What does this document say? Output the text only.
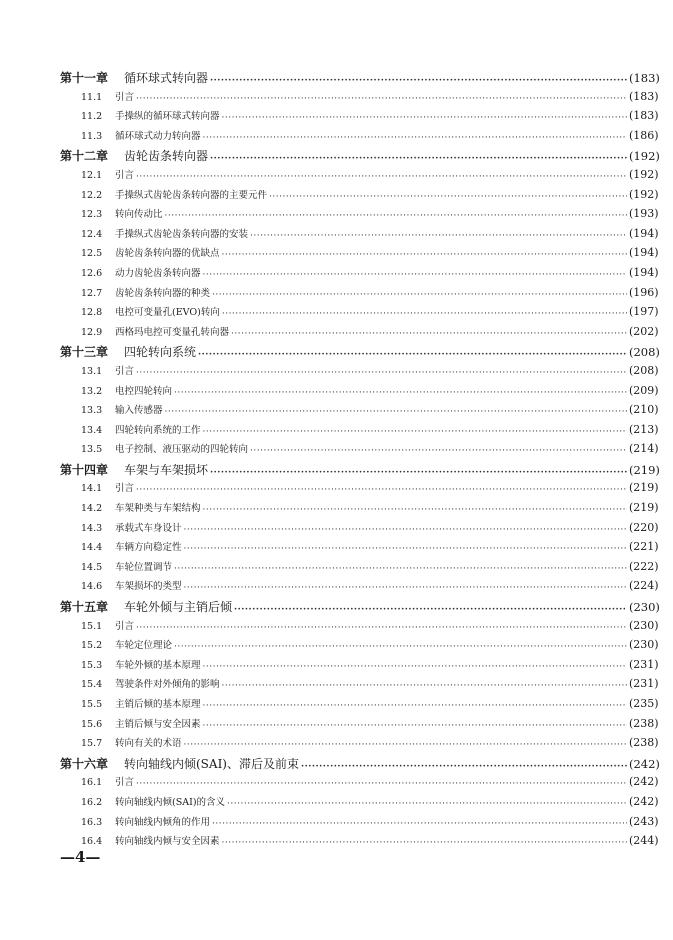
第十一章	循环球式转向器 ·····	(183)
11.1	引言 ·····	(183)
11.2	手操纵的循环球式转向器 ·····	(183)
11.3	循环球式动力转向器 ·····	(186)
第十二章	齿轮齿条转向器 ·····	(192)
12.1	引言 ·····	(192)
12.2	手操纵式齿轮齿条转向器的主要元件 ·····	(192)
12.3	转向传动比 ·····	(193)
12.4	手操纵式齿轮齿条转向器的安装 ·····	(194)
12.5	齿轮齿条转向器的优缺点 ·····	(194)
12.6	动力齿轮齿条转向器 ·····	(194)
12.7	齿轮齿条转向器的种类 ·····	(196)
12.8	电控可变量孔(EVO)转向 ·····	(197)
12.9	西格玛电控可变量孔转向器 ·····	(202)
第十三章	四轮转向系统 ·····	(208)
13.1	引言 ·····	(208)
13.2	电控四轮转向 ·····	(209)
13.3	输入传感器 ·····	(210)
13.4	四轮转向系统的工作 ·····	(213)
13.5	电子控制、液压驱动的四轮转向 ·····	(214)
第十四章	车架与车架损坏 ·····	(219)
14.1	引言 ·····	(219)
14.2	车架种类与车架结构 ·····	(219)
14.3	承载式车身设计 ·····	(220)
14.4	车辆方向稳定性 ·····	(221)
14.5	车轮位置调节 ·····	(222)
14.6	车架损坏的类型 ·····	(224)
第十五章	车轮外倾与主销后倾 ·····	(230)
15.1	引言 ·····	(230)
15.2	车轮定位理论 ·····	(230)
15.3	车轮外倾的基本原理 ·····	(231)
15.4	驾驶条件对外倾角的影响 ·····	(231)
15.5	主销后倾的基本原理 ·····	(235)
15.6	主销后倾与安全因素 ·····	(238)
15.7	转向有关的术语 ·····	(238)
第十六章	转向轴线内倾(SAI)、滞后及前束 ·····	(242)
16.1	引言 ·····	(242)
16.2	转向轴线内倾(SAI)的含义 ·····	(242)
16.3	转向轴线内倾角的作用 ·····	(243)
16.4	转向轴线内倾与安全因素 ·····	(244)
—4—
